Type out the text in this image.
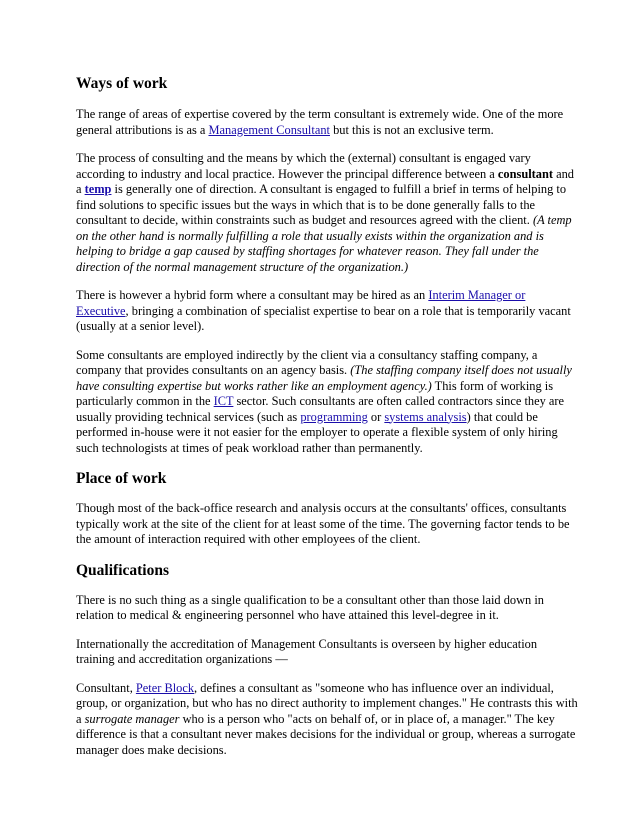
Ways of work

The range of areas of expertise covered by the term consultant is extremely wide. One of the more general attributions is as a Management Consultant but this is not an exclusive term.

The process of consulting and the means by which the (external) consultant is engaged vary according to industry and local practice. However the principal difference between a consultant and a temp is generally one of direction. A consultant is engaged to fulfill a brief in terms of helping to find solutions to specific issues but the ways in which that is to be done generally falls to the consultant to decide, within constraints such as budget and resources agreed with the client. (A temp on the other hand is normally fulfilling a role that usually exists within the organization and is helping to bridge a gap caused by staffing shortages for whatever reason. They fall under the direction of the normal management structure of the organization.)

There is however a hybrid form where a consultant may be hired as an Interim Manager or Executive, bringing a combination of specialist expertise to bear on a role that is temporarily vacant (usually at a senior level).

Some consultants are employed indirectly by the client via a consultancy staffing company, a company that provides consultants on an agency basis. (The staffing company itself does not usually have consulting expertise but works rather like an employment agency.) This form of working is particularly common in the ICT sector. Such consultants are often called contractors since they are usually providing technical services (such as programming or systems analysis) that could be performed in-house were it not easier for the employer to operate a flexible system of only hiring such technologists at times of peak workload rather than permanently.

Place of work

Though most of the back-office research and analysis occurs at the consultants' offices, consultants typically work at the site of the client for at least some of the time. The governing factor tends to be the amount of interaction required with other employees of the client.

Qualifications

There is no such thing as a single qualification to be a consultant other than those laid down in relation to medical & engineering personnel who have attained this level-degree in it.

Internationally the accreditation of Management Consultants is overseen by higher education training and accreditation organizations —

Consultant, Peter Block, defines a consultant as "someone who has influence over an individual, group, or organization, but who has no direct authority to implement changes." He contrasts this with a surrogate manager who is a person who "acts on behalf of, or in place of, a manager." The key difference is that a consultant never makes decisions for the individual or group, whereas a surrogate manager does make decisions.
